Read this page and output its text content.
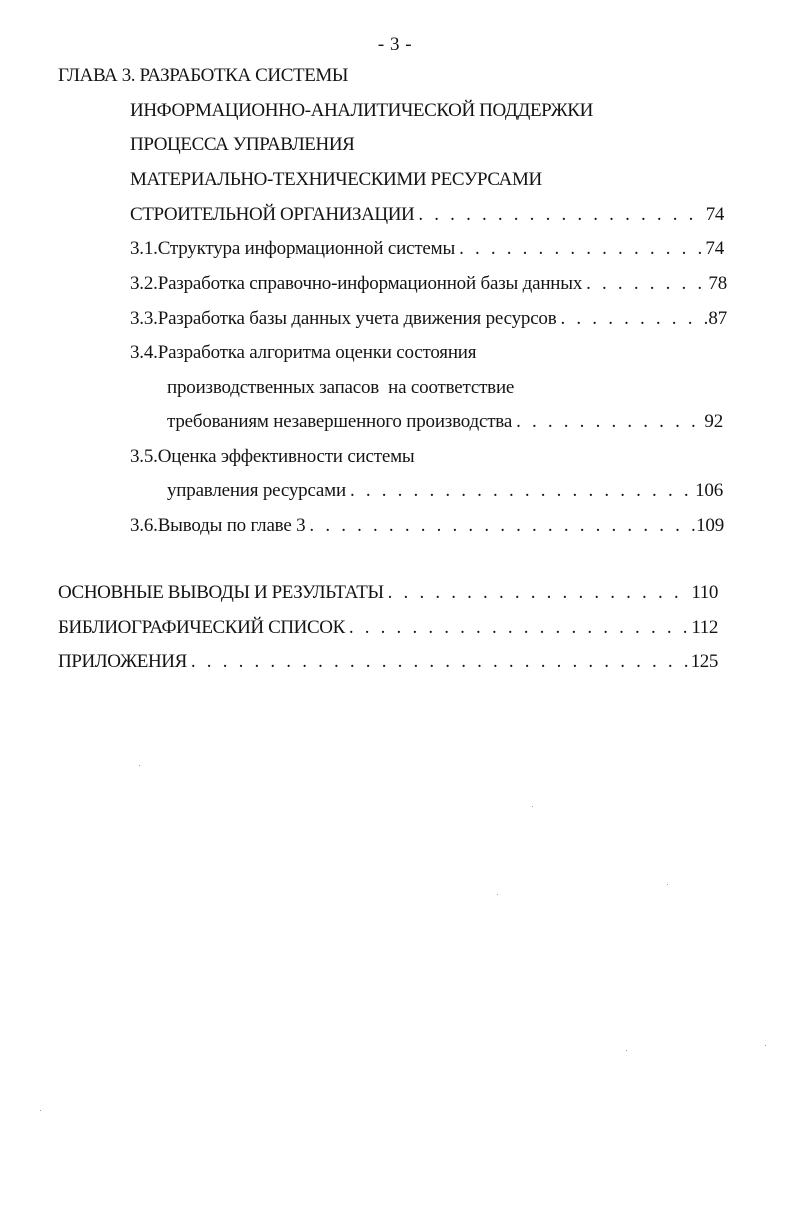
- 3 -
ГЛАВА 3. РАЗРАБОТКА СИСТЕМЫ
ИНФОРМАЦИОННО-АНАЛИТИЧЕСКОЙ ПОДДЕРЖКИ
ПРОЦЕССА УПРАВЛЕНИЯ
МАТЕРИАЛЬНО-ТЕХНИЧЕСКИМИ РЕСУРСАМИ
СТРОИТЕЛЬНОЙ ОРГАНИЗАЦИИ . . .	74
3.1.Структура информационной системы . . .	74
3.2.Разработка справочно-информационной базы данных . . .	78
3.3.Разработка базы данных учета движения ресурсов . . .	87
3.4.Разработка алгоритма оценки состояния
производственных запасов  на соответствие
требованиям незавершенного производства . . .	92
3.5.Оценка эффективности системы
управления ресурсами . . .	106
3.6.Выводы по главе 3 . . .	109
ОСНОВНЫЕ ВЫВОДЫ И РЕЗУЛЬТАТЫ . . .	110
БИБЛИОГРАФИЧЕСКИЙ СПИСОК . . .	112
ПРИЛОЖЕНИЯ . . .	125
